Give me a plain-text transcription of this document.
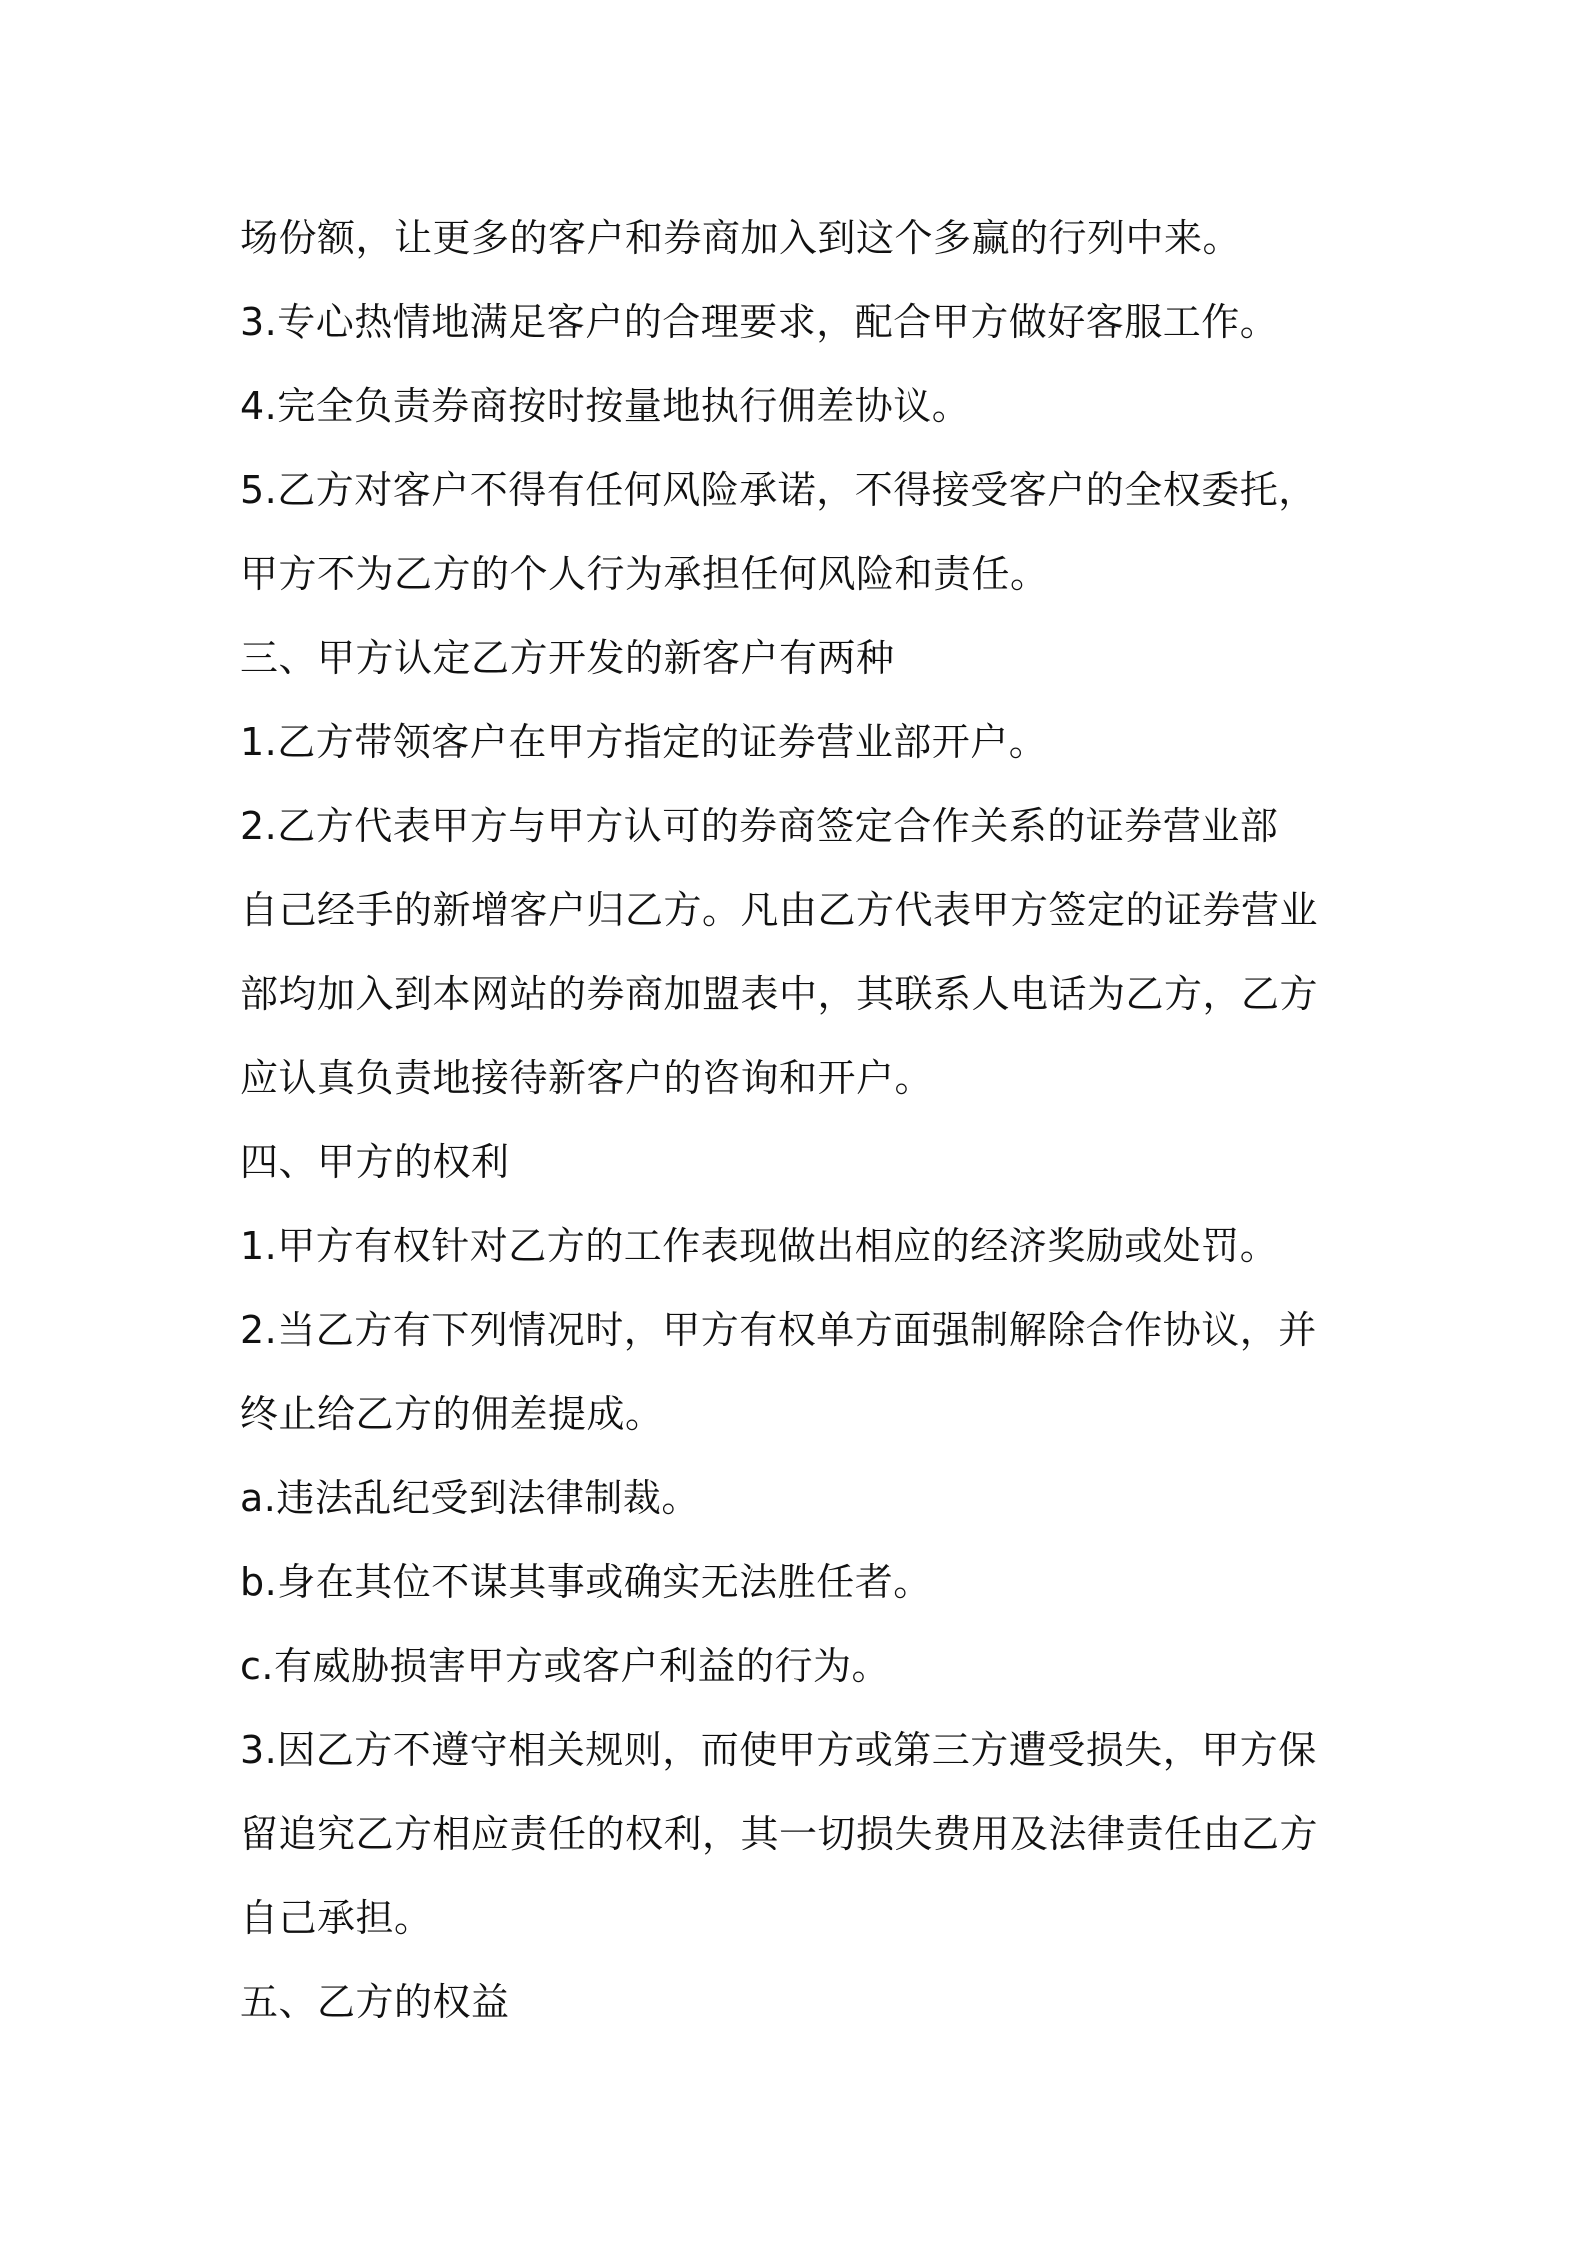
场份额，让更多的客户和券商加入到这个多赢的行列中来。
3.专心热情地满足客户的合理要求，配合甲方做好客服工作。
4.完全负责券商按时按量地执行佣差协议。
5.乙方对客户不得有任何风险承诺，不得接受客户的全权委托，
甲方不为乙方的个人行为承担任何风险和责任。
三、甲方认定乙方开发的新客户有两种
1.乙方带领客户在甲方指定的证券营业部开户。
2.乙方代表甲方与甲方认可的券商签定合作关系的证券营业部
自己经手的新增客户归乙方。凡由乙方代表甲方签定的证券营业
部均加入到本网站的券商加盟表中，其联系人电话为乙方，乙方
应认真负责地接待新客户的咨询和开户。
四、甲方的权利
1.甲方有权针对乙方的工作表现做出相应的经济奖励或处罚。
2.当乙方有下列情况时，甲方有权单方面强制解除合作协议，并
终止给乙方的佣差提成。
a.违法乱纪受到法律制裁。
b.身在其位不谋其事或确实无法胜任者。
c.有威胁损害甲方或客户利益的行为。
3.因乙方不遵守相关规则，而使甲方或第三方遭受损失，甲方保
留追究乙方相应责任的权利，其一切损失费用及法律责任由乙方
自己承担。
五、乙方的权益
